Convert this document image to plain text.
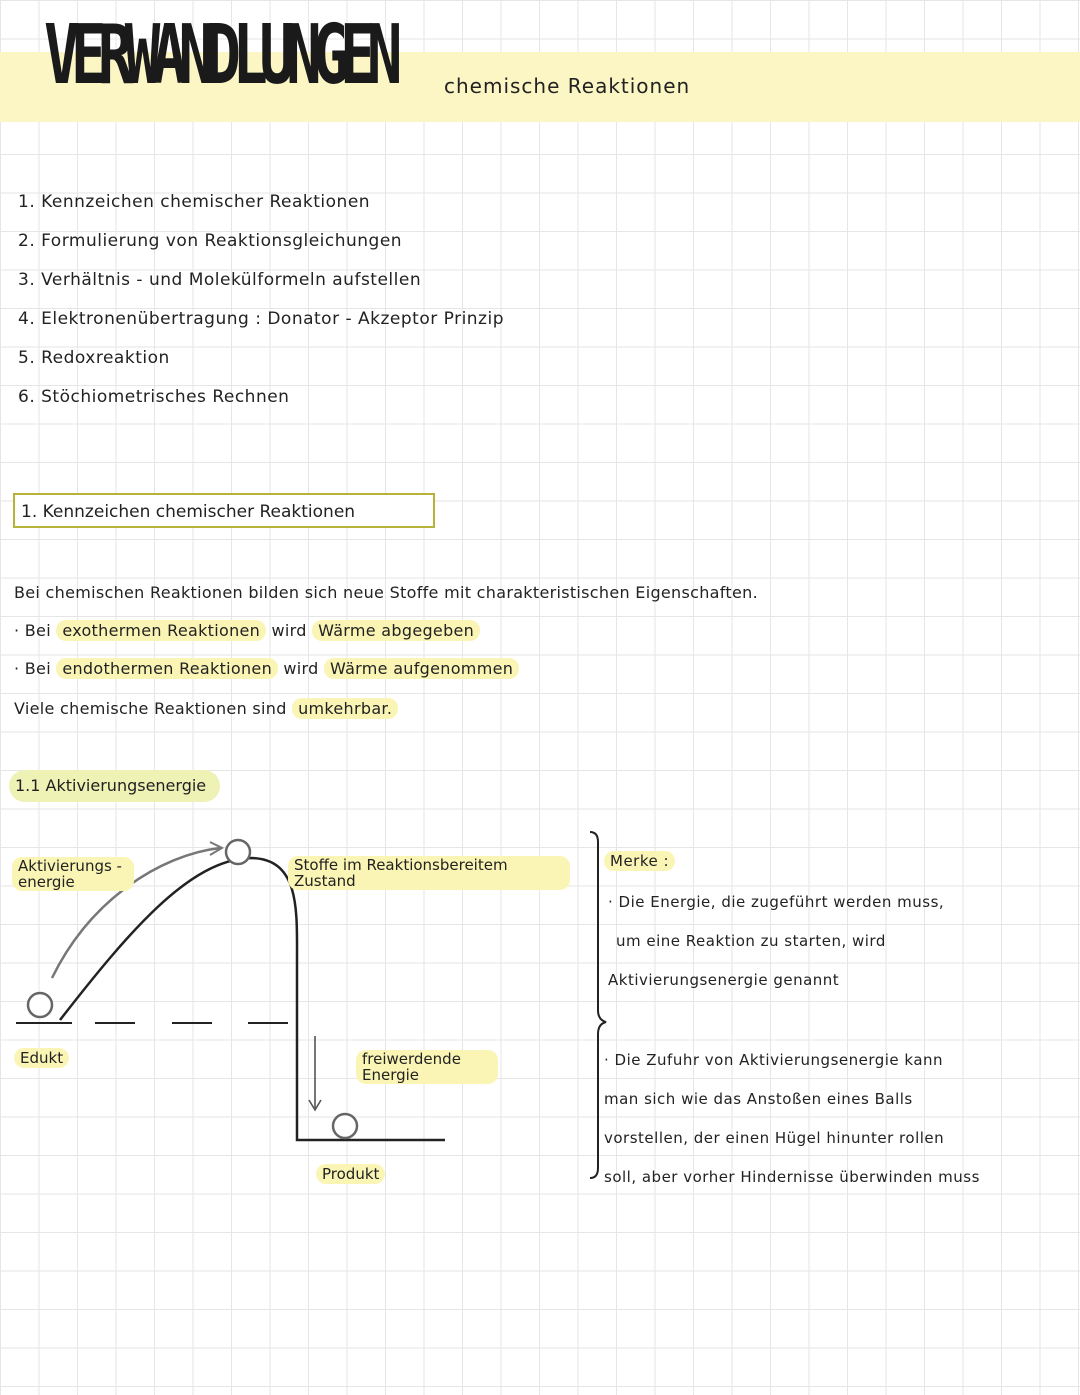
VERWANDLUNGEN	chemische Reaktionen
1. Kennzeichen chemischer Reaktionen
2. Formulierung von Reaktionsgleichungen
3. Verhältnis - und Molekülformeln aufstellen
4. Elektronenübertragung : Donator - Akzeptor Prinzip
5. Redoxreaktion
6. Stöchiometrisches Rechnen
1. Kennzeichen chemischer Reaktionen
Bei chemischen Reaktionen bilden sich neue Stoffe mit charakteristischen Eigenschaften.
· Bei exothermen Reaktionen wird Wärme abgegeben
· Bei endothermen Reaktionen wird Wärme aufgenommen
Viele chemische Reaktionen sind umkehrbar.
1.1 Aktivierungsenergie
Aktivierungs - energie
Stoffe im Reaktionsbereitem Zustand
Edukt	freiwerdende Energie
Produkt
Merke :
· Die Energie, die zugeführt werden muss,
um eine Reaktion zu starten, wird
Aktivierungsenergie genannt
· Die Zufuhr von Aktivierungsenergie kann
man sich wie das Anstoßen eines Balls
vorstellen, der einen Hügel hinunter rollen
soll, aber vorher Hindernisse überwinden muss
